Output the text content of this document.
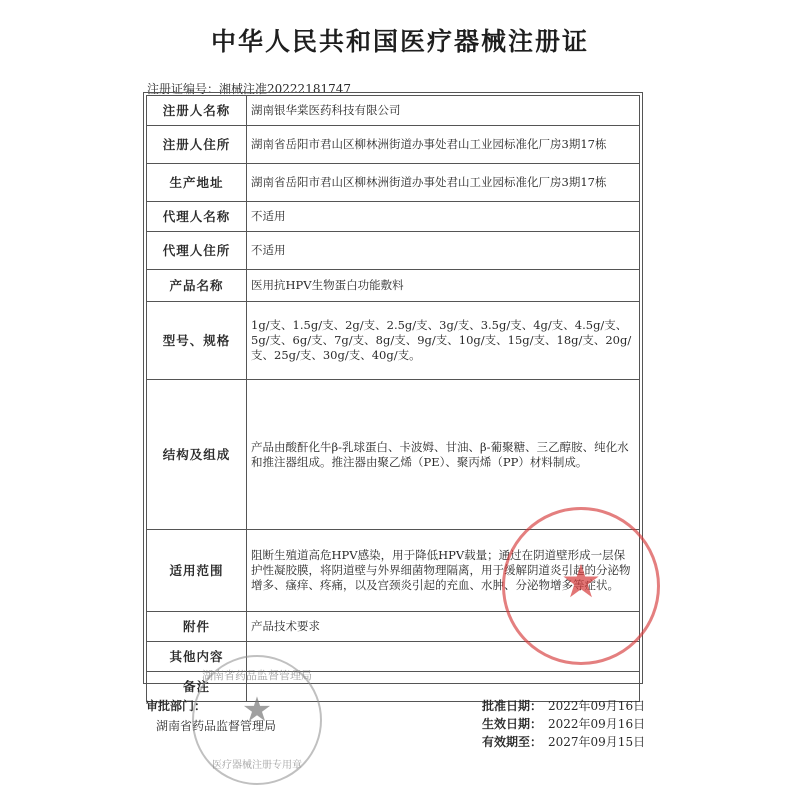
中华人民共和国医疗器械注册证
注册证编号：湘械注准20222181747
注册人名称	湖南银华棠医药科技有限公司
注册人住所	湖南省岳阳市君山区柳林洲街道办事处君山工业园标准化厂房3期17栋
生产地址	湖南省岳阳市君山区柳林洲街道办事处君山工业园标准化厂房3期17栋
代理人名称	不适用
代理人住所	不适用
产品名称	医用抗HPV生物蛋白功能敷料
型号、规格	1g/支、1.5g/支、2g/支、2.5g/支、3g/支、3.5g/支、4g/支、4.5g/支、5g/支、6g/支、7g/支、8g/支、9g/支、10g/支、15g/支、18g/支、20g/支、25g/支、30g/支、40g/支。
结构及组成	产品由酸酐化牛β-乳球蛋白、卡波姆、甘油、β-葡聚糖、三乙醇胺、纯化水和推注器组成。推注器由聚乙烯（PE）、聚丙烯（PP）材料制成。
适用范围	阻断生殖道高危HPV感染，用于降低HPV载量；通过在阴道壁形成一层保护性凝胶膜，将阴道壁与外界细菌物理隔离，用于缓解阴道炎引起的分泌物增多、瘙痒、疼痛，以及宫颈炎引起的充血、水肿、分泌物增多等症状。
附件	产品技术要求
其他内容	
备注	
审批部门：
湖南省药品监督管理局
批准日期： 2022年09月16日
生效日期： 2022年09月16日
有效期至： 2027年09月15日
★
湖南省药品监督管理局
★
医疗器械注册专用章
